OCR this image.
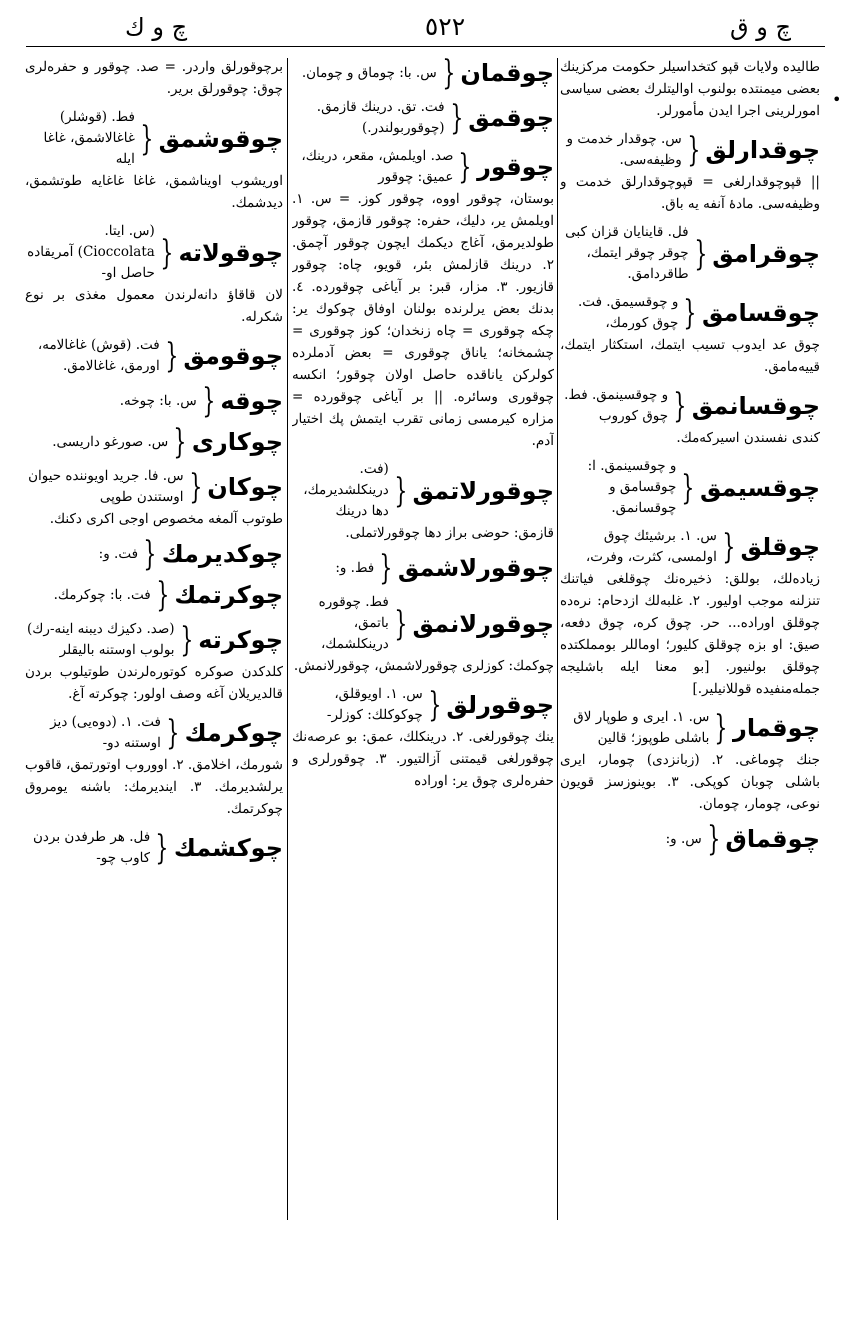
چ و ك	٥٢٢	چ و ق
•

طالیده ولایات قپو کتخداسیلر حکومت مرکزینك بعضی میمنتده بولنوب اوالیتلرك بعضی سیاسی امورلرینی اجرا ایدن مأمورلر.

چوقدارلق
{
س. چوقدار خدمت و وظیفه‌سی.

|| قپوچوقدارلغی = قپوچوقدارلق خدمت و وظیفه‌سی. مادهٔ آنفه یه باق.

چوقرامق
{
فل. قاینایان قزان کبی چوقر چوقر ایتمك، طاقردامق.
چوقسامق
{
و چوقسیمق. فت. چوق کورمك،

چوق عد ایدوب تسیب ایتمك، استکثار ایتمك، قییه‌مامق.

چوقسانمق
{
و چوقسینمق. فط. چوق کوروب

کندی نفسندن اسیرکه‌مك.

چوقسیمق
{
و چوقسینمق. ا: چوقسامق و چوقسانمق.
چوقلق
{
س. ۱. برشیئك چوق اولمسی، کثرت، وفرت،

زیاده‌لك، بوللق: ذخیره‌نك چوقلغی فیاتنك تنزلنه موجب اولیور. ۲. غلبه‌لك ازدحام: نره‌ده چوقلق اوراده... حر. چوق کره، چوق دفعه، صیق: او بزه چوقلق کلیور؛ اوماللر بومملکتده چوقلق بولنیور. [بو معنا ایله باشلیجه جمله‌منفیده قوللانیلیر.]

چوقمار
{
س. ۱. ایری و طوپار لاق باشلی طوپوز؛ قالین

جنك چوماغی. ۲. (زبانزدی) چومار، ایری باشلی چوبان کوپکی. ۳. بوینوزسز قویون نوعی، چومار، چومان.

چوقماق
{
س. و:
چوقمان
{
س. با: چوماق و چومان.
چوقمق
{
فت. تق. درینك قازمق. (چوقوربولندر.)
چوقور
{
صد. اویلمش، مقعر، درینك، عمیق: چوقور

بوستان، چوقور اووه، چوقور کوز. = س. ۱. اویلمش یر، دلیك، حفره: چوقور قازمق، چوقور طولدیرمق، آغاج دیکمك ایچون چوقور آچمق. ۲. درینك قازلمش بئر، قویو، چاه: چوقور قازیور. ۳. مزار، قبر: بر آیاغی چوقورده. ٤. بدنك بعض یرلرنده بولنان اوفاق چوکوك یر: چکه چوقوری = چاه زنخدان؛ کوز چوقوری = چشمخانه؛ یاناق چوقوری = بعض آدملرده کولرکن یاناقده حاصل اولان چوقور؛ انکسه چوقوری وسائره. || بر آیاغی چوقورده = مزاره کیرمسی زمانی تقرب ایتمش پك اختیار آدم.

چوقورلاتمق
{
(فت. درینکلشدیرمك، دها درینك

قازمق: حوضی براز دها چوقورلاتملی.

چوقورلاشمق
{
فط. و:
چوقورلانمق
{
فط. چوقوره باتمق، درینکلشمك،

چوکمك: کوزلری چوقورلاشمش، چوقورلانمش.

چوقورلق
{
س. ۱. اویوقلق، چوکوکلك: کوزلر-

ینك چوقورلغی. ۲. درینکلك، عمق: بو عرصه‌نك چوقورلغی قیمتنی آزالتیور. ۳. چوقورلری و حفره‌لری چوق یر: اوراده

برچوقورلق واردر. = صد. چوقور و حفره‌لری چوق: چوقورلق بریر.

چوقوشمق
{
فط. (قوشلر) غاغالاشمق، غاغا ایله

اوریشوب اویناشمق، غاغا غاغایه طوتشمق، دیدشمك.

چوقولاته
{
(س. ایتا. Cioccolata) آمریقاده حاصل او-

لان قاقاؤ دانه‌لرندن معمول مغذی بر نوع شکرله.

چوقومق
{
فت. (قوش) غاغالامه، اورمق، غاغالامق.
چوقه
{
س. با: چوخه.
چوکاری
{
س. صورغو داریسی.
چوکان
{
س. فا. جرید اویوننده حیوان اوستندن طوپی

طوتوب آلمغه مخصوص اوجی اکری دکنك.

چوکدیرمك
{
فت. و:
چوکرتمك
{
فت. با: چوکرمك.
چوکرته
{
(صد. دکیزك دیبنه اینه-رك) بولوب اوستنه بالیقلر

کلدکدن صوکره کوتوره‌لرندن طوتیلوب بردن قالدیریلان آغه وصف اولور: چوکرته آغ.

چوکرمك
{
فت. ۱. (دوه‌یی) دیز اوستنه دو-

شورمك، اخلامق. ۲. اووروب اوتورتمق، قاقوب یرلشدیرمك. ۳. ایندیرمك: باشنه یومروق چوکرتمك.

چوکشمك
{
فل. هر طرفدن بردن کاوب چو-
